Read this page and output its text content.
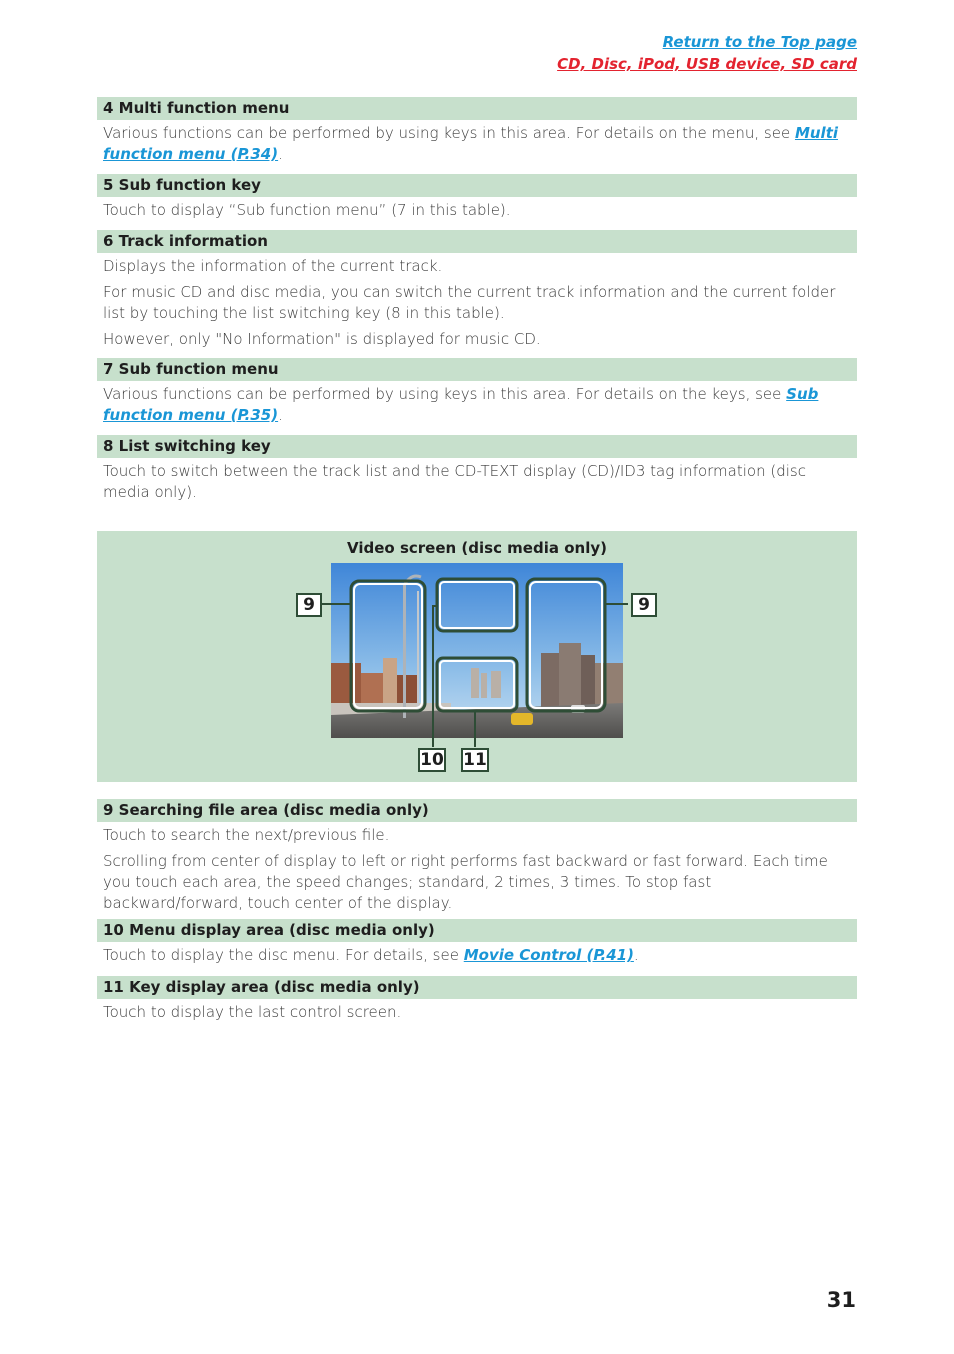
Return to the Top page
CD, Disc, iPod, USB device, SD card
4 Multi function menu

Various functions can be performed by using keys in this area. For details on the menu, see Multi function menu (P.34).

5 Sub function key

Touch to display “Sub function menu” (7 in this table).

6 Track information

Displays the information of the current track.

For music CD and disc media, you can switch the current track information and the current folder list by touching the list switching key (8 in this table).

However, only "No Information" is displayed for music CD.

7 Sub function menu

Various functions can be performed by using keys in this area. For details on the keys, see Sub function menu (P.35).

8 List switching key

Touch to switch between the track list and the CD-TEXT display (CD)/ID3 tag information (disc media only).

Video screen (disc media only)
9	9
10 11
9 Searching file area (disc media only)

Touch to search the next/previous file.

Scrolling from center of display to left or right performs fast backward or fast forward. Each time you touch each area, the speed changes; standard, 2 times, 3 times. To stop fast backward/forward, touch center of the display.

10 Menu display area (disc media only)

Touch to display the disc menu. For details, see Movie Control (P.41).

11 Key display area (disc media only)

Touch to display the last control screen.

31
